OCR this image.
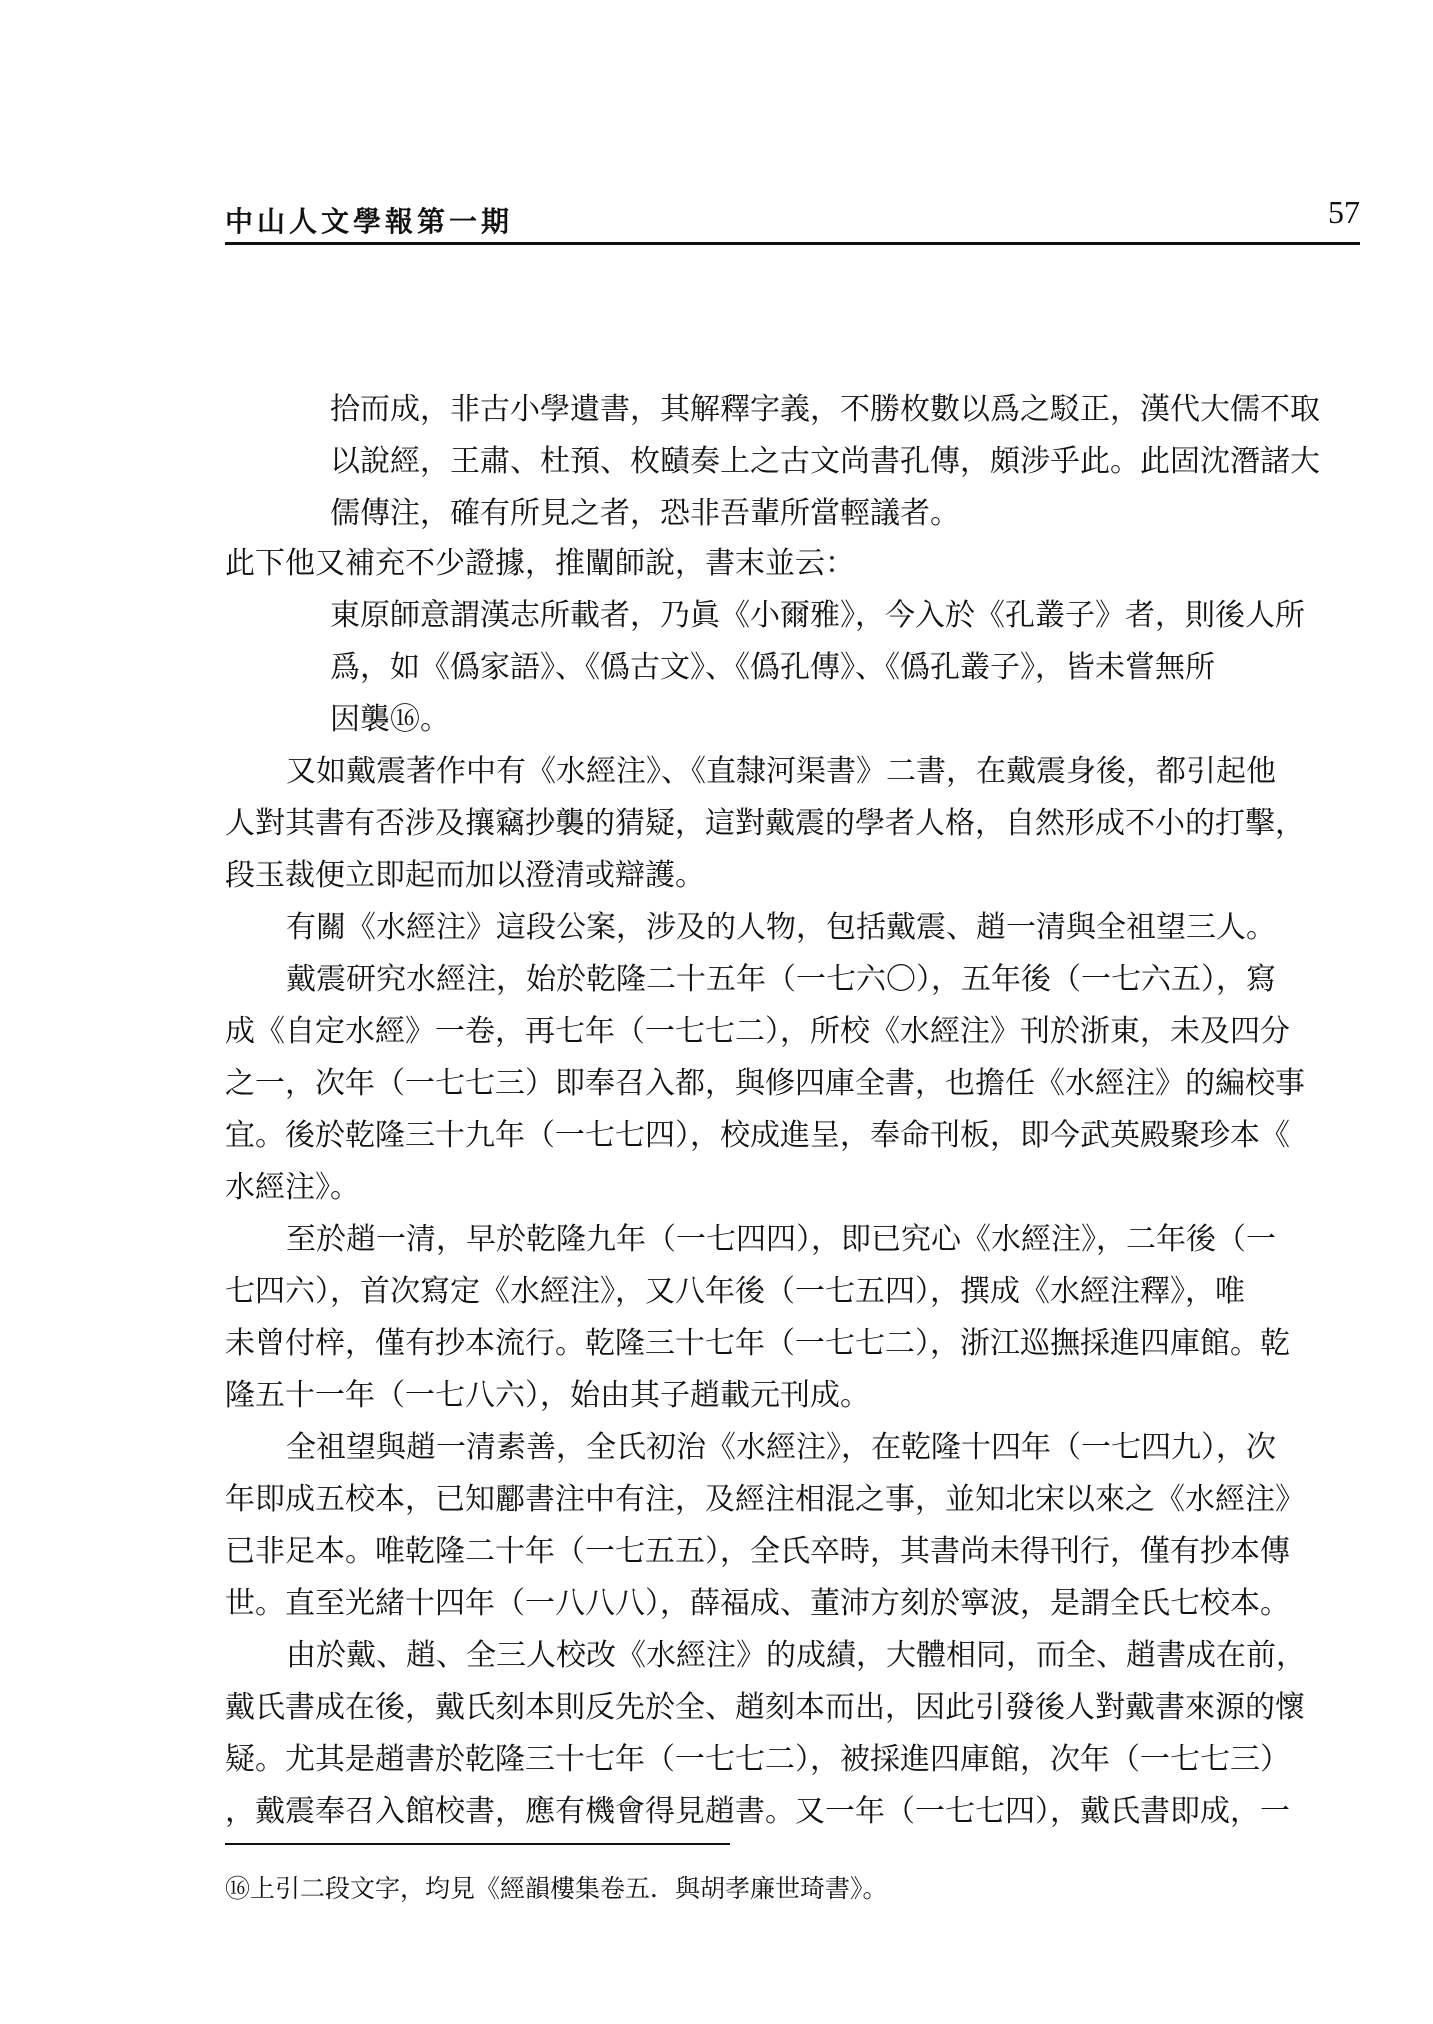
中山人文學報第一期	57
拾而成，非古小學遺書，其解釋字義，不勝枚數以爲之駁正，漢代大儒不取
以說經，王肅、杜預、枚賾奏上之古文尚書孔傳，頗涉乎此。此固沈潛諸大
儒傳注，確有所見之者，恐非吾輩所當輕議者。
此下他又補充不少證據，推闡師說，書末並云：
東原師意謂漢志所載者，乃眞《小爾雅》，今入於《孔叢子》者，則後人所
爲，如《僞家語》、《僞古文》、《僞孔傳》、《僞孔叢子》，皆未嘗無所
因襲⑯。
又如戴震著作中有《水經注》、《直隸河渠書》二書，在戴震身後，都引起他
人對其書有否涉及攘竊抄襲的猜疑，這對戴震的學者人格，自然形成不小的打擊，
段玉裁便立即起而加以澄清或辯護。
有關《水經注》這段公案，涉及的人物，包括戴震、趙一清與全祖望三人。
戴震研究水經注，始於乾隆二十五年（一七六〇），五年後（一七六五），寫
成《自定水經》一卷，再七年（一七七二），所校《水經注》刊於浙東，未及四分
之一，次年（一七七三）即奉召入都，與修四庫全書，也擔任《水經注》的編校事
宜。後於乾隆三十九年（一七七四），校成進呈，奉命刊板，即今武英殿聚珍本《
水經注》。
至於趙一清，早於乾隆九年（一七四四），即已究心《水經注》，二年後（一
七四六），首次寫定《水經注》，又八年後（一七五四），撰成《水經注釋》，唯
未曾付梓，僅有抄本流行。乾隆三十七年（一七七二），浙江巡撫採進四庫館。乾
隆五十一年（一七八六），始由其子趙載元刊成。
全祖望與趙一清素善，全氏初治《水經注》，在乾隆十四年（一七四九），次
年即成五校本，已知酈書注中有注，及經注相混之事，並知北宋以來之《水經注》
已非足本。唯乾隆二十年（一七五五），全氏卒時，其書尚未得刊行，僅有抄本傳
世。直至光緒十四年（一八八八），薛福成、董沛方刻於寧波，是謂全氏七校本。
由於戴、趙、全三人校改《水經注》的成績，大體相同，而全、趙書成在前，
戴氏書成在後，戴氏刻本則反先於全、趙刻本而出，因此引發後人對戴書來源的懷
疑。尤其是趙書於乾隆三十七年（一七七二），被採進四庫館，次年（一七七三）
，戴震奉召入館校書，應有機會得見趙書。又一年（一七七四），戴氏書即成，一
⑯上引二段文字，均見《經韻樓集卷五．與胡孝廉世琦書》。
